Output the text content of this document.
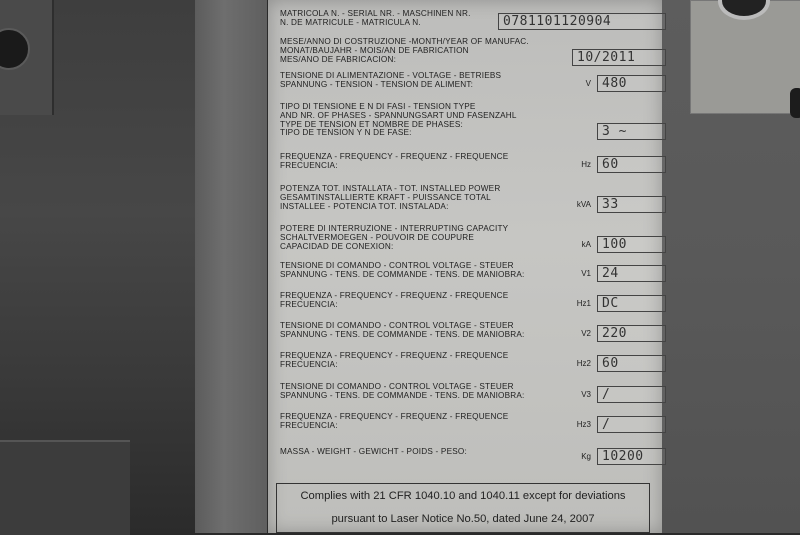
MATRICOLA N. - SERIAL NR. - MASCHINEN NR.
N. DE MATRICULE - MATRICULA N.	0781101120904
MESE/ANNO DI COSTRUZIONE -MONTH/YEAR OF MANUFAC.
MONAT/BAUJAHR - MOIS/AN DE FABRICATION
MES/ANO DE FABRICACION:	10/2011
TENSIONE DI ALIMENTAZIONE - VOLTAGE - BETRIEBS
SPANNUNG - TENSION - TENSION DE ALIMENT:	V 480
TIPO DI TENSIONE E N DI FASI - TENSION TYPE
AND NR. OF PHASES - SPANNUNGSART UND FASENZAHL
TYPE DE TENSION ET NOMBRE DE PHASES:
TIPO DE TENSION Y N DE FASE:	3 ~
FREQUENZA - FREQUENCY - FREQUENZ - FREQUENCE
FRECUENCIA:	Hz 60
POTENZA TOT. INSTALLATA - TOT. INSTALLED POWER
GESAMTINSTALLIERTE KRAFT - PUISSANCE TOTAL
INSTALLEE - POTENCIA TOT. INSTALADA:	kVA 33
POTERE DI INTERRUZIONE - INTERRUPTING CAPACITY
SCHALTVERMOEGEN - POUVOIR DE COUPURE
CAPACIDAD DE CONEXION:	kA 100
TENSIONE DI COMANDO - CONTROL VOLTAGE - STEUER
SPANNUNG - TENS. DE COMMANDE - TENS. DE MANIOBRA:	V1 24
FREQUENZA - FREQUENCY - FREQUENZ - FREQUENCE
FRECUENCIA:	Hz1 DC
TENSIONE DI COMANDO - CONTROL VOLTAGE - STEUER
SPANNUNG - TENS. DE COMMANDE - TENS. DE MANIOBRA:	V2 220
FREQUENZA - FREQUENCY - FREQUENZ - FREQUENCE
FRECUENCIA:	Hz2 60
TENSIONE DI COMANDO - CONTROL VOLTAGE - STEUER
SPANNUNG - TENS. DE COMMANDE - TENS. DE MANIOBRA:	V3 /
FREQUENZA - FREQUENCY - FREQUENZ - FREQUENCE
FRECUENCIA:	Hz3 /
MASSA - WEIGHT - GEWICHT - POIDS - PESO:
Kg 10200
Complies with 21 CFR 1040.10 and 1040.11 except for deviations
pursuant to Laser Notice No.50, dated June 24, 2007
